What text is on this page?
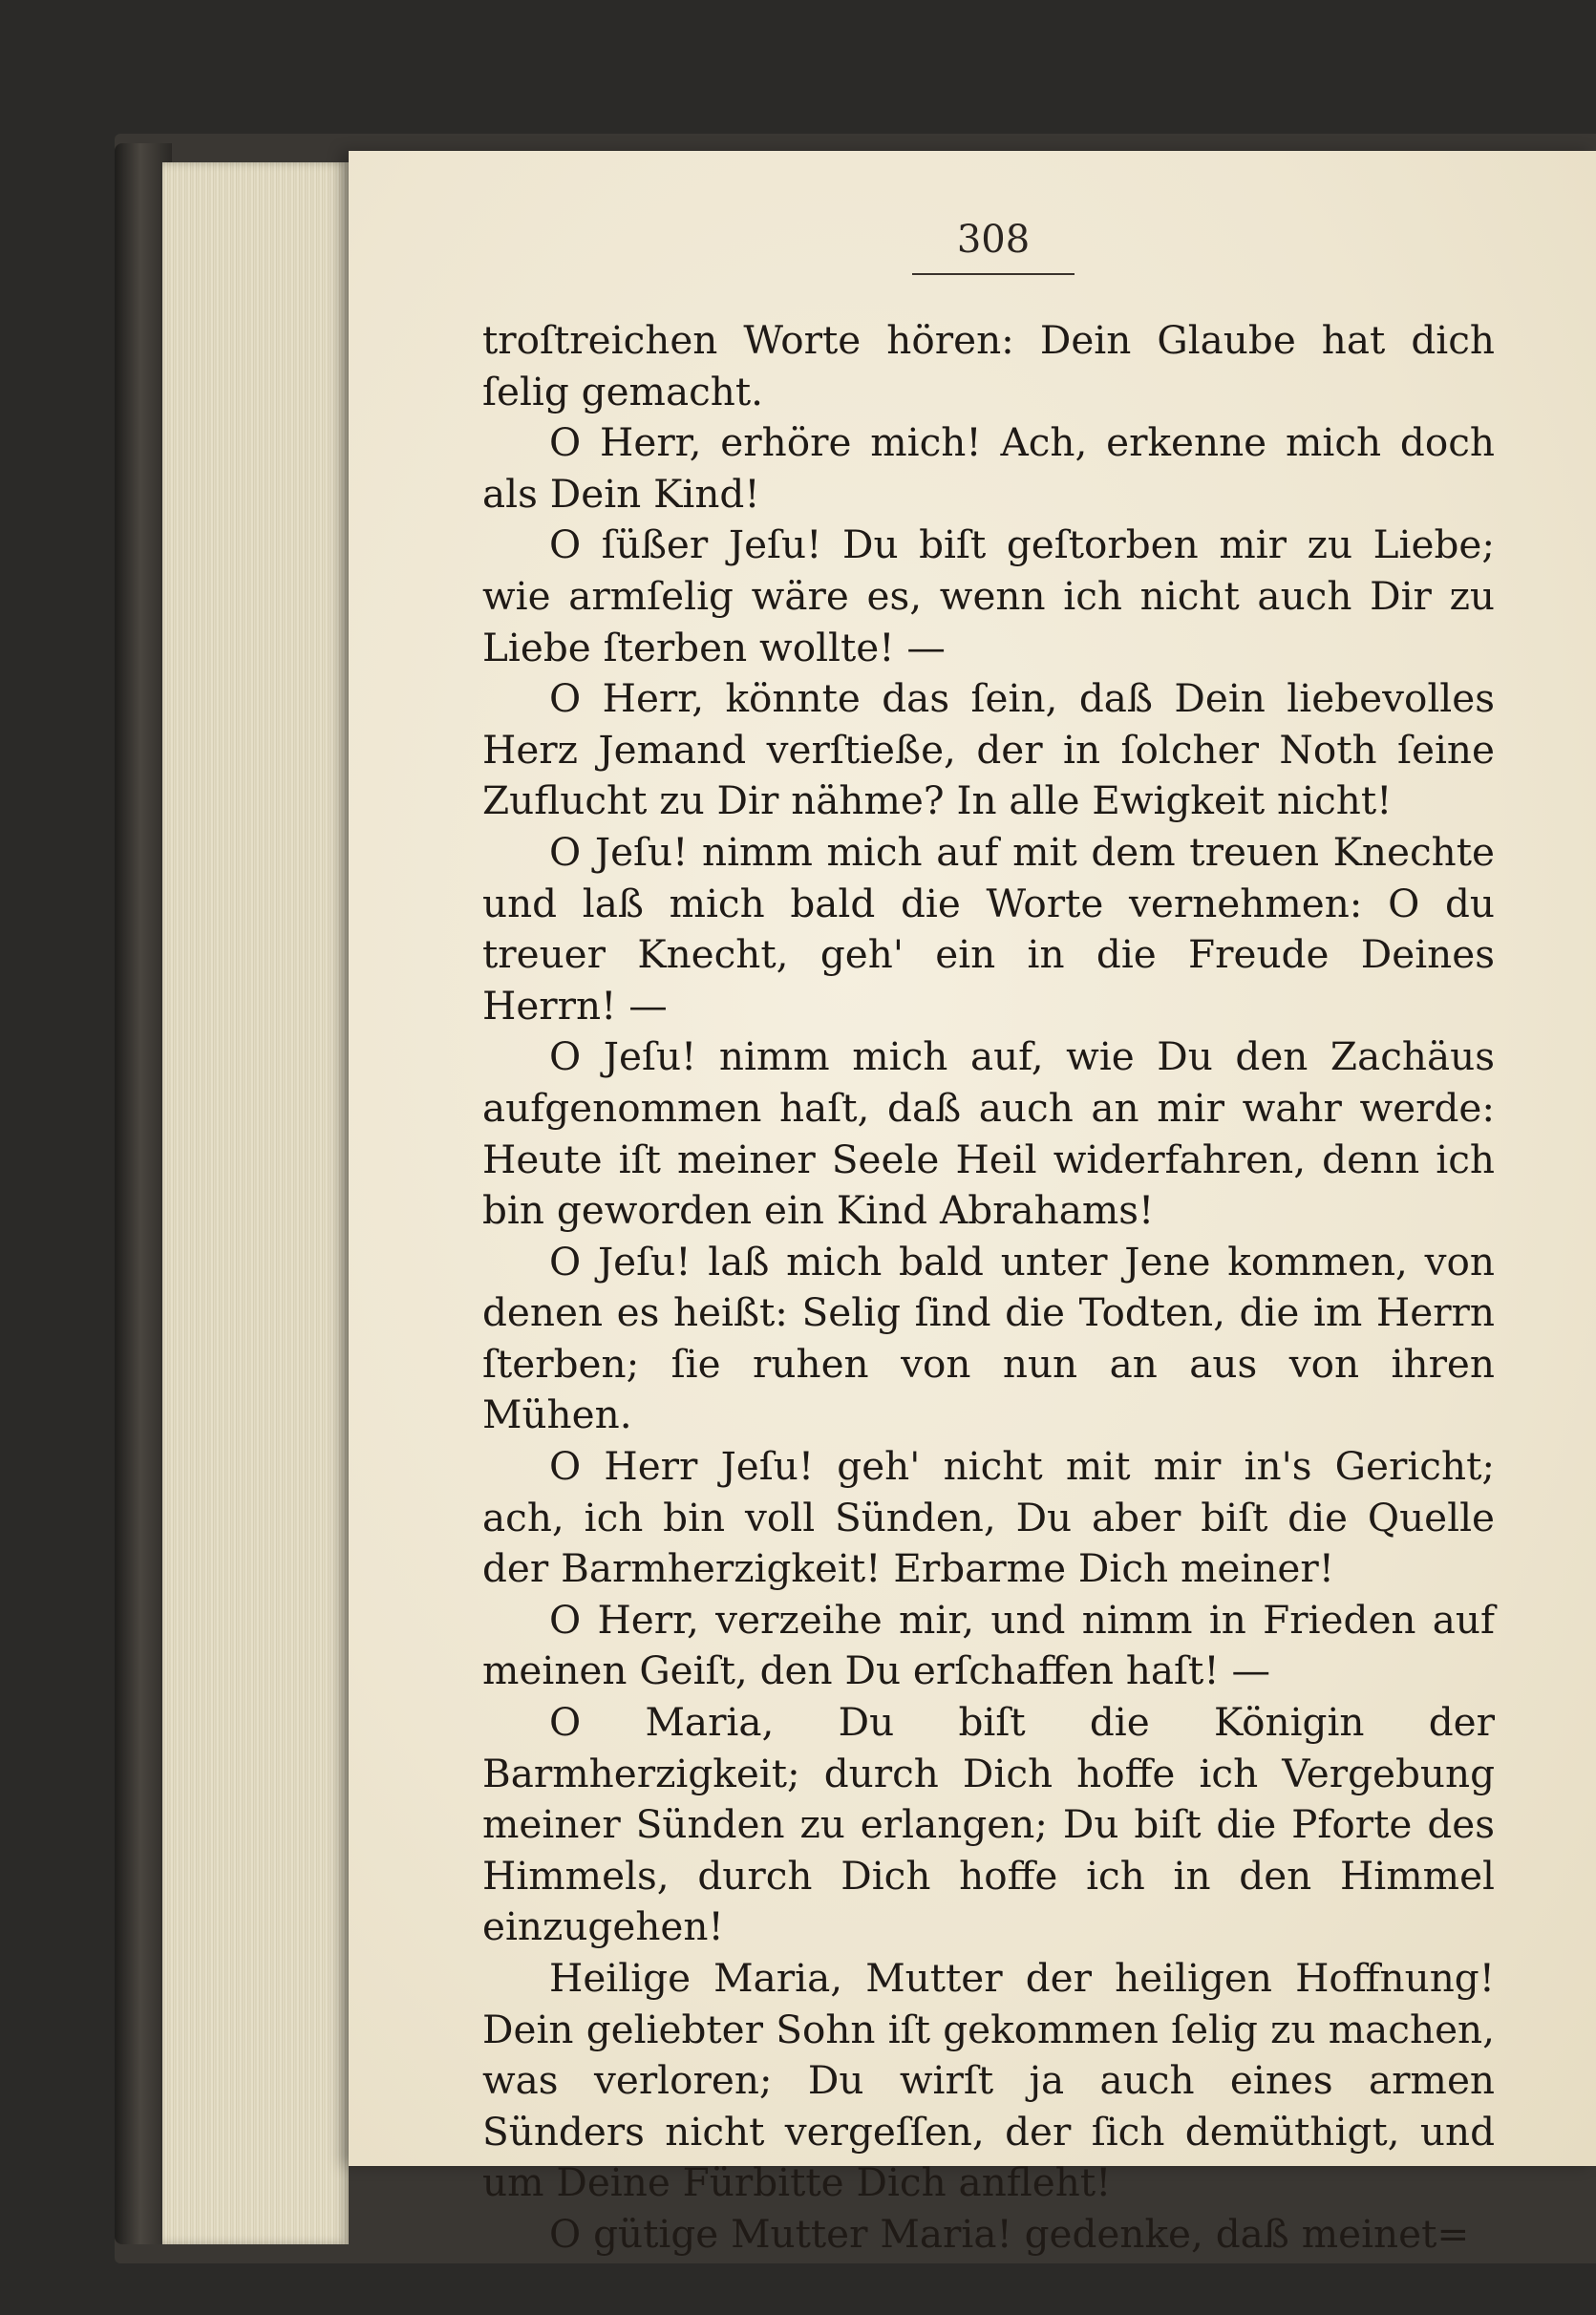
308

troſtreichen Worte hören: Dein Glaube hat dich ſelig gemacht.

O Herr, erhöre mich! Ach, erkenne mich doch als Dein Kind!

O ſüßer Jeſu! Du biſt geſtorben mir zu Liebe; wie armſelig wäre es, wenn ich nicht auch Dir zu Liebe ſterben wollte! —

O Herr, könnte das ſein, daß Dein liebevolles Herz Jemand verſtieße, der in ſolcher Noth ſeine Zuflucht zu Dir nähme? In alle Ewigkeit nicht!

O Jeſu! nimm mich auf mit dem treuen Knechte und laß mich bald die Worte vernehmen: O du treuer Knecht, geh' ein in die Freude Deines Herrn! —

O Jeſu! nimm mich auf, wie Du den Zachäus aufgenommen haſt, daß auch an mir wahr werde: Heute iſt meiner Seele Heil widerfahren, denn ich bin geworden ein Kind Abrahams!

O Jeſu! laß mich bald unter Jene kommen, von denen es heißt: Selig ſind die Todten, die im Herrn ſterben; ſie ruhen von nun an aus von ihren Mühen.

O Herr Jeſu! geh' nicht mit mir in's Gericht; ach, ich bin voll Sünden, Du aber biſt die Quelle der Barmherzigkeit! Erbarme Dich meiner!

O Herr, verzeihe mir, und nimm in Frieden auf meinen Geiſt, den Du erſchaffen haſt! —

O Maria, Du biſt die Königin der Barmherzigkeit; durch Dich hoffe ich Vergebung meiner Sünden zu erlangen; Du biſt die Pforte des Himmels, durch Dich hoffe ich in den Himmel einzugehen!

Heilige Maria, Mutter der heiligen Hoffnung! Dein geliebter Sohn iſt gekommen ſelig zu machen, was verloren; Du wirſt ja auch eines armen Sünders nicht vergeſſen, der ſich demüthigt, und um Deine Fürbitte Dich anfleht!

O gütige Mutter Maria! gedenke, daß meinet=
